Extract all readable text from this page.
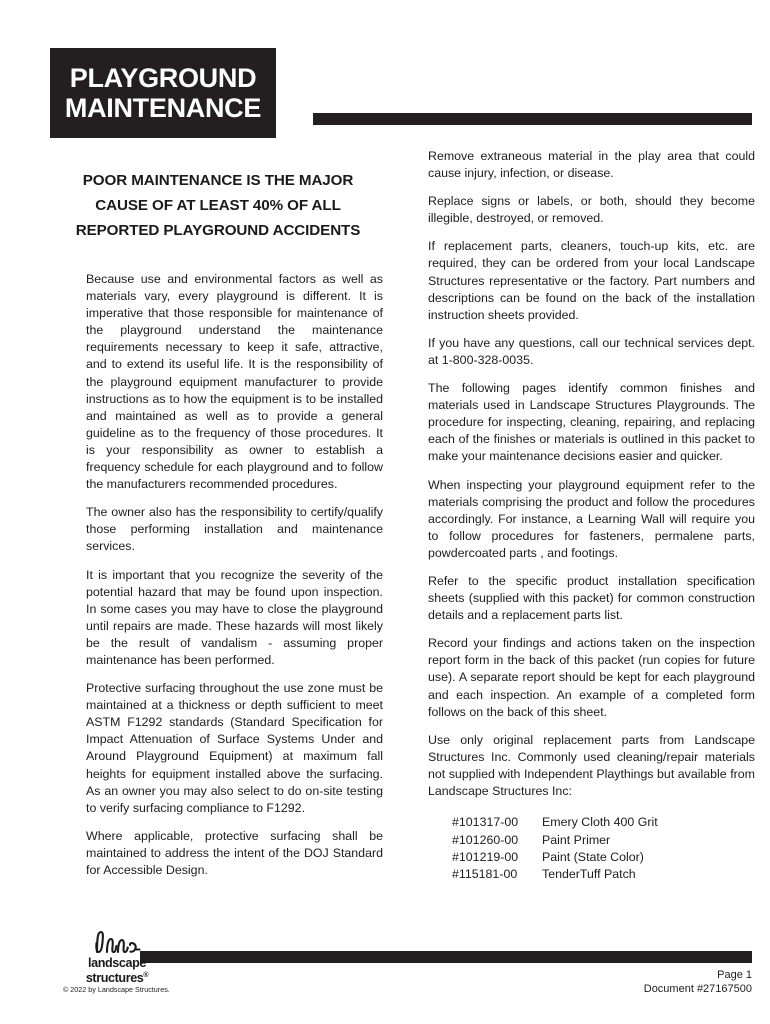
PLAYGROUND
MAINTENANCE
POOR MAINTENANCE IS THE MAJOR
CAUSE OF AT LEAST 40% OF ALL
REPORTED PLAYGROUND ACCIDENTS

Because use and environmental factors as well as materials vary, every playground is different. It is imperative that those responsible for maintenance of the playground understand the maintenance requirements necessary to keep it safe, attractive, and to extend its useful life. It is the responsibility of the playground equipment manufacturer to provide instructions as to how the equipment is to be installed and maintained as well as to provide a general guideline as to the frequency of those procedures. It is your responsibility as owner to establish a frequency schedule for each playground and to follow the manufacturers recommended procedures.

The owner also has the responsibility to certify/qualify those performing installation and maintenance services.

It is important that you recognize the severity of the potential hazard that may be found upon inspection. In some cases you may have to close the playground until repairs are made. These hazards will most likely be the result of vandalism - assuming proper maintenance has been performed.

Protective surfacing throughout the use zone must be maintained at a thickness or depth sufficient to meet ASTM F1292 standards (Standard Specification for Impact Attenuation of Surface Systems Under and Around Playground Equipment) at maximum fall heights for equipment installed above the surfacing. As an owner you may also select to do on-site testing to verify surfacing compliance to F1292.

Where applicable, protective surfacing shall be maintained to address the intent of the DOJ Standard for Accessible Design.

Remove extraneous material in the play area that could cause injury, infection, or disease.

Replace signs or labels, or both, should they become illegible, destroyed, or removed.

If replacement parts, cleaners, touch-up kits, etc. are required, they can be ordered from your local Landscape Structures representative or the factory. Part numbers and descriptions can be found on the back of the installation instruction sheets provided.

If you have any questions, call our technical services dept. at 1-800-328-0035.

The following pages identify common finishes and materials used in Landscape Structures Playgrounds. The procedure for inspecting, cleaning, repairing, and replacing each of the finishes or materials is outlined in this packet to make your maintenance decisions easier and quicker.

When inspecting your playground equipment refer to the materials comprising the product and follow the procedures accordingly. For instance, a Learning Wall will require you to follow procedures for fasteners, permalene parts, powdercoated parts , and footings.

Refer to the specific product installation specification sheets (supplied with this packet) for common construction details and a replacement parts list.

Record your findings and actions taken on the inspection report form in the back of this packet (run copies for future use). A separate report should be kept for each playground and each inspection. An example of a completed form follows on the back of this sheet.

Use only original replacement parts from Landscape Structures Inc. Commonly used cleaning/repair materials not supplied with Independent Playthings but available from Landscape Structures Inc:

#101317-00	Emery Cloth 400 Grit
#101260-00	Paint Primer
#101219-00	Paint (State Color)
#115181-00	TenderTuff Patch
landscape
structures®
© 2022 by Landscape Structures.
Page 1
Document #27167500
